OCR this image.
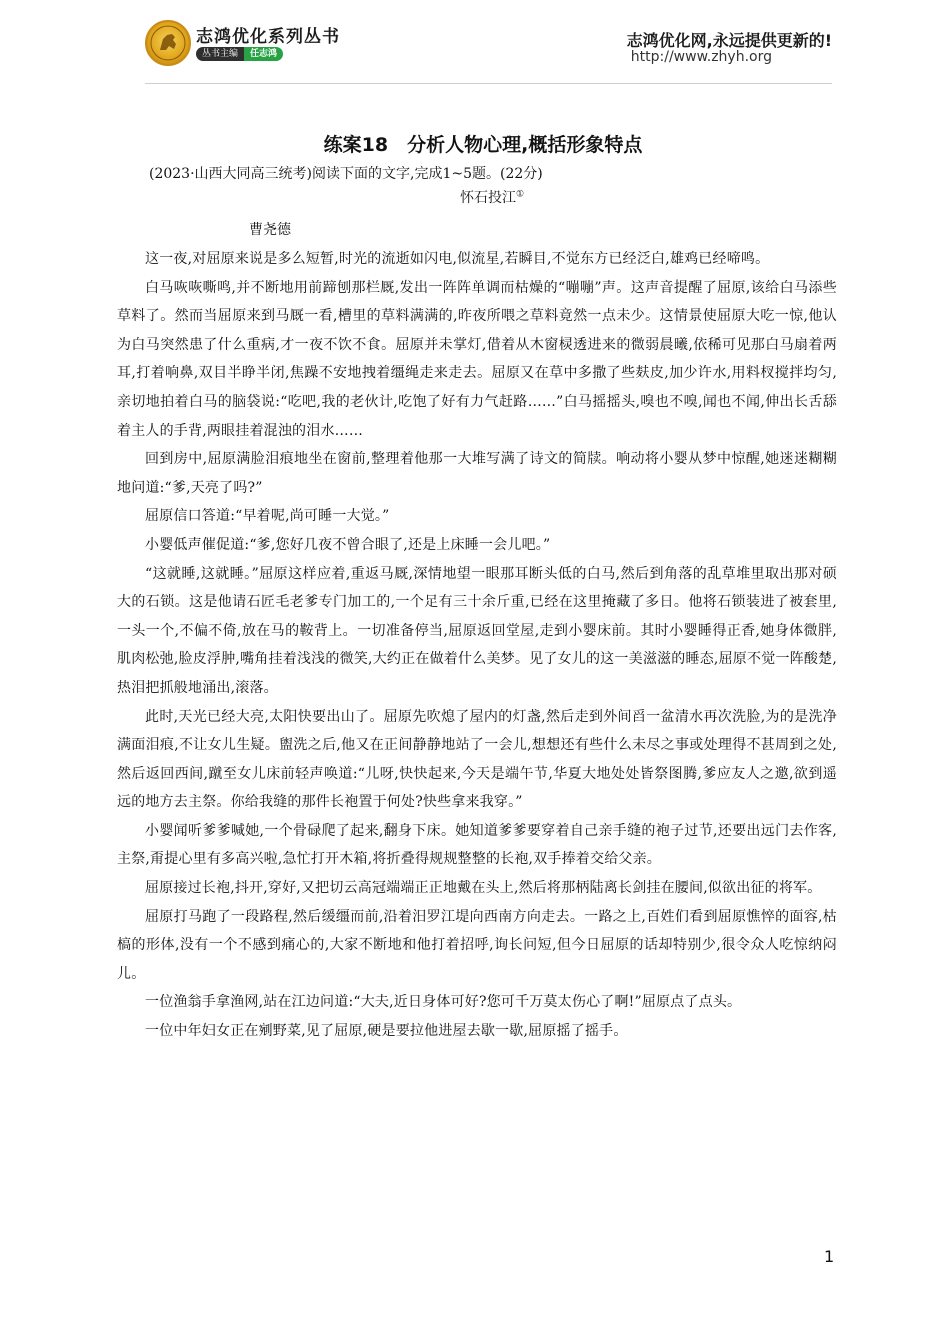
志鸿优化系列丛书
丛书主编 任志鸿
志鸿优化网,永远提供更新的!
http://www.zhyh.org
练案18　分析人物心理,概括形象特点
(2023·山西大同高三统考)阅读下面的文字,完成1~5题。(22分)
怀石投江①
曹尧德

这一夜,对屈原来说是多么短暂,时光的流逝如闪电,似流星,若瞬目,不觉东方已经泛白,雄鸡已经啼鸣。

白马咴咴嘶鸣,并不断地用前蹄刨那栏厩,发出一阵阵单调而枯燥的“嘣嘣”声。这声音提醒了屈原,该给白马添些草料了。然而当屈原来到马厩一看,槽里的草料满满的,昨夜所喂之草料竟然一点未少。这情景使屈原大吃一惊,他认为白马突然患了什么重病,才一夜不饮不食。屈原并未掌灯,借着从木窗棂透进来的微弱晨曦,依稀可见那白马扇着两耳,打着响鼻,双目半睁半闭,焦躁不安地拽着缰绳走来走去。屈原又在草中多撒了些麸皮,加少许水,用料杈搅拌均匀,亲切地拍着白马的脑袋说:“吃吧,我的老伙计,吃饱了好有力气赶路……”白马摇摇头,嗅也不嗅,闻也不闻,伸出长舌舔着主人的手背,两眼挂着混浊的泪水……

回到房中,屈原满脸泪痕地坐在窗前,整理着他那一大堆写满了诗文的简牍。响动将小婴从梦中惊醒,她迷迷糊糊地问道:“爹,天亮了吗?”

屈原信口答道:“早着呢,尚可睡一大觉。”

小婴低声催促道:“爹,您好几夜不曾合眼了,还是上床睡一会儿吧。”

“这就睡,这就睡。”屈原这样应着,重返马厩,深情地望一眼那耳断头低的白马,然后到角落的乱草堆里取出那对硕大的石锁。这是他请石匠毛老爹专门加工的,一个足有三十余斤重,已经在这里掩藏了多日。他将石锁装进了被套里,一头一个,不偏不倚,放在马的鞍背上。一切准备停当,屈原返回堂屋,走到小婴床前。其时小婴睡得正香,她身体微胖,肌肉松弛,脸皮浮肿,嘴角挂着浅浅的微笑,大约正在做着什么美梦。见了女儿的这一美滋滋的睡态,屈原不觉一阵酸楚,热泪把抓般地涌出,滚落。

此时,天光已经大亮,太阳快要出山了。屈原先吹熄了屋内的灯盏,然后走到外间舀一盆清水再次洗脸,为的是洗净满面泪痕,不让女儿生疑。盥洗之后,他又在正间静静地站了一会儿,想想还有些什么未尽之事或处理得不甚周到之处,然后返回西间,蹴至女儿床前轻声唤道:“儿呀,快快起来,今天是端午节,华夏大地处处皆祭图腾,爹应友人之邀,欲到遥远的地方去主祭。你给我缝的那件长袍置于何处?快些拿来我穿。”

小婴闻听爹爹喊她,一个骨碌爬了起来,翻身下床。她知道爹爹要穿着自己亲手缝的袍子过节,还要出远门去作客,主祭,甭提心里有多高兴啦,急忙打开木箱,将折叠得规规整整的长袍,双手捧着交给父亲。

屈原接过长袍,抖开,穿好,又把切云高冠端端正正地戴在头上,然后将那柄陆离长剑挂在腰间,似欲出征的将军。

屈原打马跑了一段路程,然后缓缰而前,沿着汨罗江堤向西南方向走去。一路之上,百姓们看到屈原憔悴的面容,枯槁的形体,没有一个不感到痛心的,大家不断地和他打着招呼,询长问短,但今日屈原的话却特别少,很令众人吃惊纳闷儿。

一位渔翁手拿渔网,站在江边问道:“大夫,近日身体可好?您可千万莫太伤心了啊!”屈原点了点头。

一位中年妇女正在剜野菜,见了屈原,硬是要拉他进屋去歇一歇,屈原摇了摇手。

1
